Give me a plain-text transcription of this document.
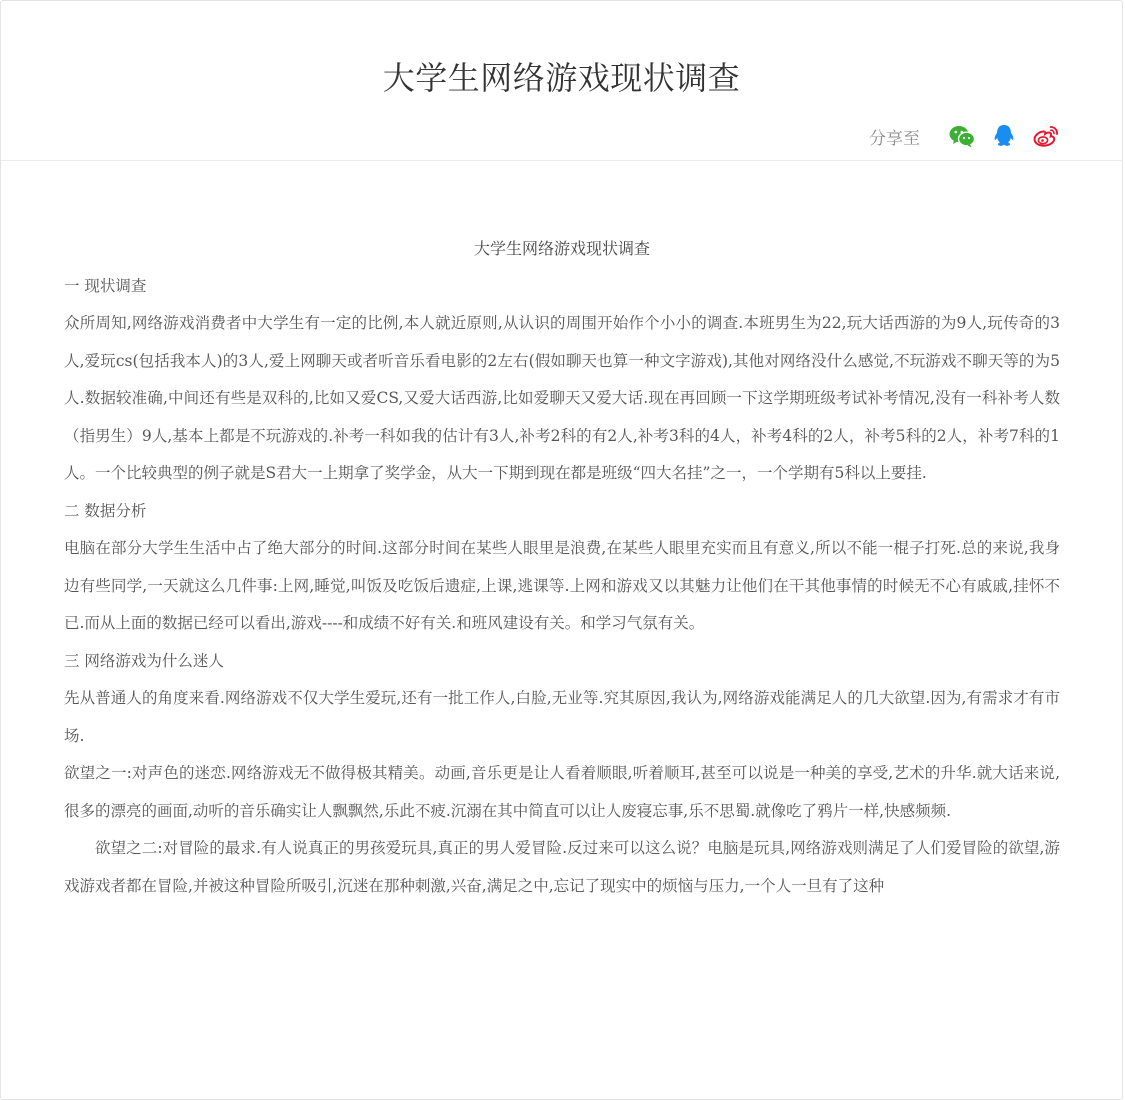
大学生网络游戏现状调查
分享至

大学生网络游戏现状调查

一 现状调查

众所周知,网络游戏消费者中大学生有一定的比例,本人就近原则,从认识的周围开始作个小小的调查.本班男生为22,玩大话西游的为9人,玩传奇的3人,爱玩cs(包括我本人)的3人,爱上网聊天或者听音乐看电影的2左右(假如聊天也算一种文字游戏),其他对网络没什么感觉,不玩游戏不聊天等的为5人.数据较准确,中间还有些是双科的,比如又爱CS,又爱大话西游,比如爱聊天又爱大话.现在再回顾一下这学期班级考试补考情况,没有一科补考人数（指男生）9人,基本上都是不玩游戏的.补考一科如我的估计有3人,补考2科的有2人,补考3科的4人，补考4科的2人，补考5科的2人，补考7科的1人。一个比较典型的例子就是S君大一上期拿了奖学金，从大一下期到现在都是班级“四大名挂”之一，一个学期有5科以上要挂.

二 数据分析

电脑在部分大学生生活中占了绝大部分的时间.这部分时间在某些人眼里是浪费,在某些人眼里充实而且有意义,所以不能一棍子打死.总的来说,我身边有些同学,一天就这么几件事:上网,睡觉,叫饭及吃饭后遗症,上课,逃课等.上网和游戏又以其魅力让他们在干其他事情的时候无不心有戚戚,挂怀不已.而从上面的数据已经可以看出,游戏----和成绩不好有关.和班风建设有关。和学习气氛有关。

三 网络游戏为什么迷人

先从普通人的角度来看.网络游戏不仅大学生爱玩,还有一批工作人,白脸,无业等.究其原因,我认为,网络游戏能满足人的几大欲望.因为,有需求才有市场.

欲望之一:对声色的迷恋.网络游戏无不做得极其精美。动画,音乐更是让人看着顺眼,听着顺耳,甚至可以说是一种美的享受,艺术的升华.就大话来说,很多的漂亮的画面,动听的音乐确实让人飘飘然,乐此不疲.沉溺在其中简直可以让人废寝忘事,乐不思蜀.就像吃了鸦片一样,快感频频.

欲望之二:对冒险的最求.有人说真正的男孩爱玩具,真正的男人爱冒险.反过来可以这么说？电脑是玩具,网络游戏则满足了人们爱冒险的欲望,游戏游戏者都在冒险,并被这种冒险所吸引,沉迷在那种刺激,兴奋,满足之中,忘记了现实中的烦恼与压力,一个人一旦有了这种
